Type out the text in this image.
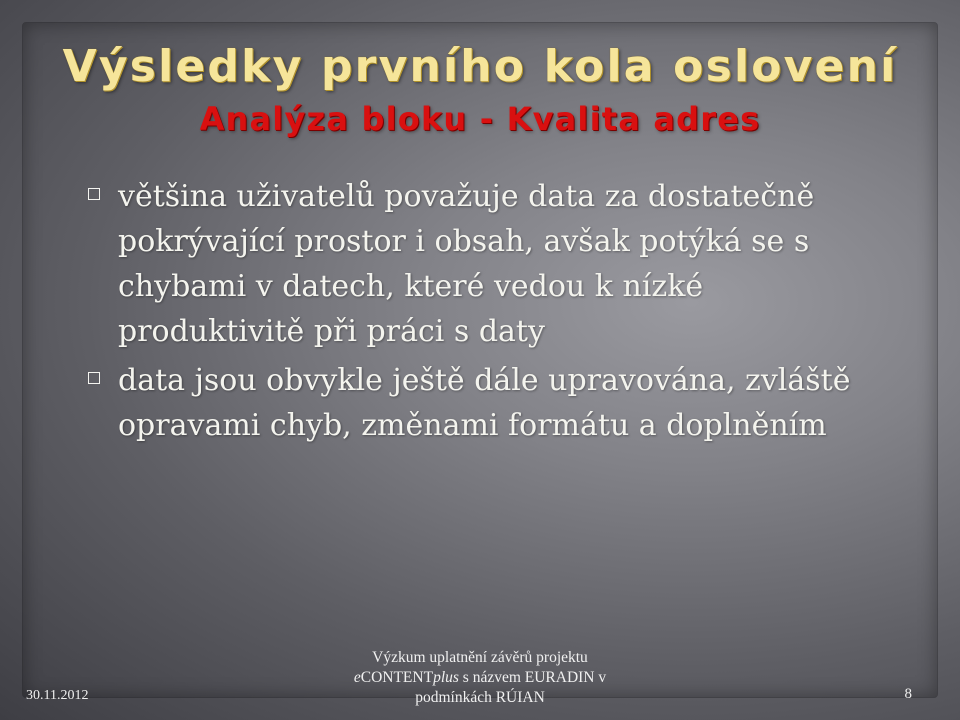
Výsledky prvního kola oslovení
Analýza bloku - Kvalita adres
většina uživatelů považuje data za dostatečně pokrývající prostor i obsah, avšak potýká se s chybami v datech, které vedou k nízké produktivitě při práci s daty
data jsou obvykle ještě dále upravována, zvláště opravami chyb, změnami formátu a doplněním
30.11.2012
Výzkum uplatnění závěrů projektu
eCONTENTplus s názvem EURADIN v
podmínkách RÚIAN	8
